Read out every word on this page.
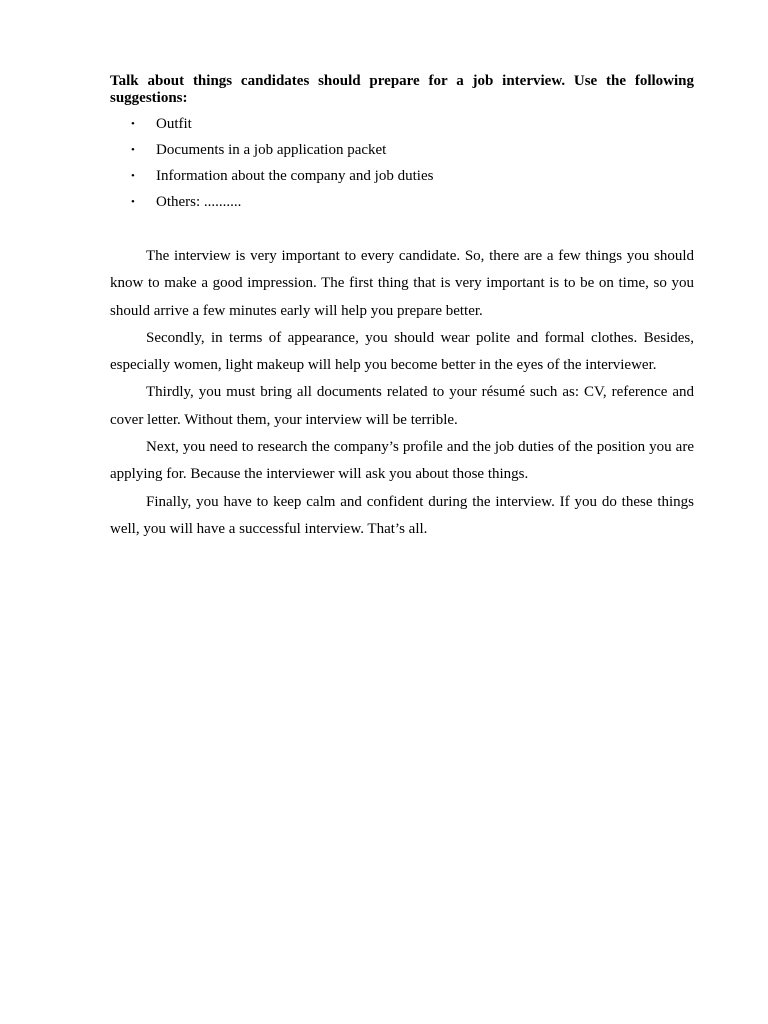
Talk about things candidates should prepare for a job interview. Use the following suggestions:

• Outfit
• Documents in a job application packet
• Information about the company and job duties
• Others: ..........

The interview is very important to every candidate. So, there are a few things you should know to make a good impression. The first thing that is very important is to be on time, so you should arrive a few minutes early will help you prepare better.

Secondly, in terms of appearance, you should wear polite and formal clothes. Besides, especially women, light makeup will help you become better in the eyes of the interviewer.

Thirdly, you must bring all documents related to your résumé such as: CV, reference and cover letter. Without them, your interview will be terrible.

Next, you need to research the company’s profile and the job duties of the position you are applying for. Because the interviewer will ask you about those things.

Finally, you have to keep calm and confident during the interview. If you do these things well, you will have a successful interview. That’s all.
